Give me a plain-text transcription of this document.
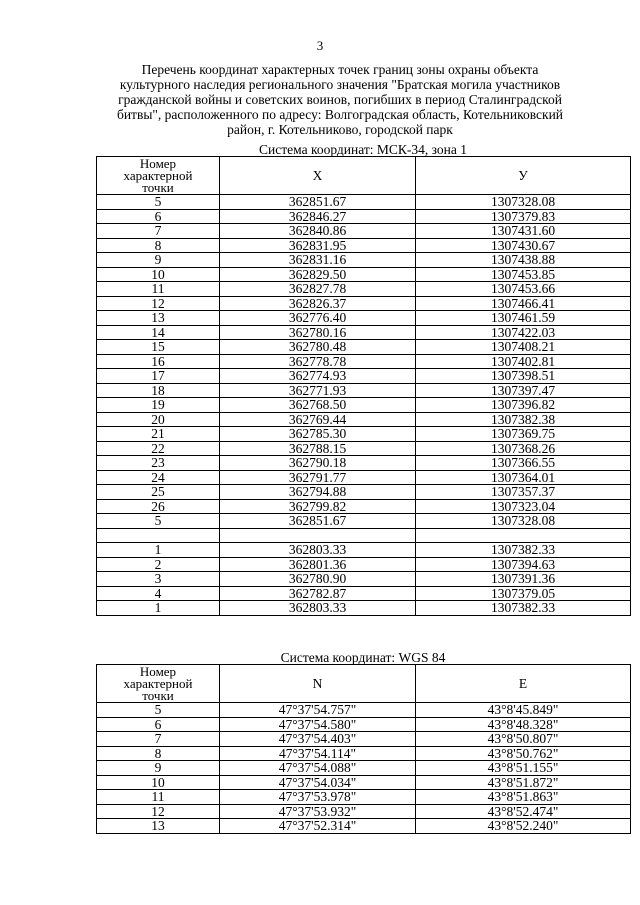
3
Перечень координат характерных точек границ зоны охраны объекта
культурного наследия регионального значения "Братская могила участников
гражданской войны и советских воинов, погибших в период Сталинградской
битвы", расположенного по адресу: Волгоградская область, Котельниковский
район, г. Котельниково, городской парк
Система координат: МСК-34, зона 1
Номер
характерной
точки	X	У
5	362851.67	1307328.08
6	362846.27	1307379.83
7	362840.86	1307431.60
8	362831.95	1307430.67
9	362831.16	1307438.88
10	362829.50	1307453.85
11	362827.78	1307453.66
12	362826.37	1307466.41
13	362776.40	1307461.59
14	362780.16	1307422.03
15	362780.48	1307408.21
16	362778.78	1307402.81
17	362774.93	1307398.51
18	362771.93	1307397.47
19	362768.50	1307396.82
20	362769.44	1307382.38
21	362785.30	1307369.75
22	362788.15	1307368.26
23	362790.18	1307366.55
24	362791.77	1307364.01
25	362794.88	1307357.37
26	362799.82	1307323.04
5	362851.67	1307328.08

1	362803.33	1307382.33
2	362801.36	1307394.63
3	362780.90	1307391.36
4	362782.87	1307379.05
1	362803.33	1307382.33
Система координат: WGS 84
Номер
характерной
точки	N	E
5	47°37'54.757"	43°8'45.849"
6	47°37'54.580"	43°8'48.328"
7	47°37'54.403"	43°8'50.807"
8	47°37'54.114"	43°8'50.762"
9	47°37'54.088"	43°8'51.155"
10	47°37'54.034"	43°8'51.872"
11	47°37'53.978"	43°8'51.863"
12	47°37'53.932"	43°8'52.474"
13	47°37'52.314"	43°8'52.240"
